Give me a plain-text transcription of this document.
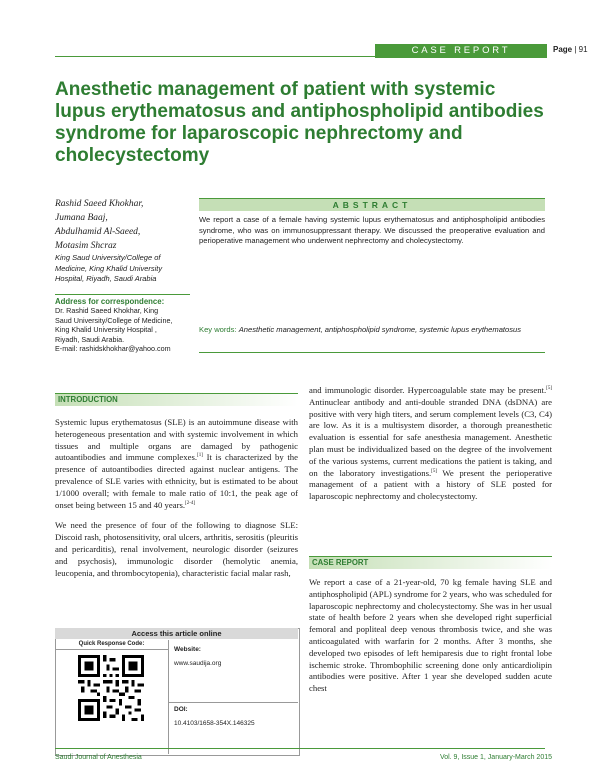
CASE REPORT	Page | 91
Anesthetic management of patient with systemic lupus erythematosus and antiphospholipid antibodies syndrome for laparoscopic nephrectomy and cholecystectomy
Rashid Saeed Khokhar,
Jumana Baaj,
Abdulhamid Al-Saeed,
Motasim Shcraz
King Saud University/College of Medicine, King Khalid University Hospital, Riyadh, Saudi Arabia
Address for correspondence:
Dr. Rashid Saeed Khokhar, King
Saud University/College of Medicine,
King Khalid University Hospital ,
Riyadh, Saudi Arabia.
E-mail: rashidskhokhar@yahoo.com
ABSTRACT
We report a case of a female having systemic lupus erythematosus and antiphospholipid antibodies syndrome, who was on immunosuppressant therapy. We discussed the preoperative evaluation and perioperative management who underwent nephrectomy and cholecystectomy.
Key words: Anesthetic management, antiphospholipid syndrome, systemic lupus erythematosus
INTRODUCTION

Systemic lupus erythematosus (SLE) is an autoimmune disease with heterogeneous presentation and with systemic involvement in which tissues and multiple organs are damaged by pathogenic autoantibodies and immune complexes.[1] It is characterized by the presence of autoantibodies directed against nuclear antigens. The prevalence of SLE varies with ethnicity, but is estimated to be about 1/1000 overall; with female to male ratio of 10:1, the peak age of onset being between 15 and 40 years.[2-4]

We need the presence of four of the following to diagnose SLE: Discoid rash, photosensitivity, oral ulcers, arthritis, serositis (pleuritis and pericarditis), renal involvement, neurologic disorder (seizures and psychosis), immunologic disorder (hemolytic anemia, leucopenia, and thrombocytopenia), characteristic facial malar rash,

and immunologic disorder. Hypercoagulable state may be present.[5] Antinuclear antibody and anti-double stranded DNA (dsDNA) are positive with very high titers, and serum complement levels (C3, C4) are low. As it is a multisystem disorder, a thorough preanesthetic evaluation is essential for safe anesthesia management. Anesthetic plan must be individualized based on the degree of the involvement of the various systems, current medications the patient is taking, and on the laboratory investigations.[5] We present the perioperative management of a patient with a history of SLE posted for laparoscopic nephrectomy and cholecystectomy.

CASE REPORT

We report a case of a 21-year-old, 70 kg female having SLE and antiphospholipid (APL) syndrome for 2 years, who was scheduled for laparoscopic nephrectomy and cholecystectomy. She was in her usual state of health before 2 years when she developed right superficial femoral and popliteal deep venous thrombosis twice, and she was anticoagulated with warfarin for 2 months. After 3 months, she developed two episodes of left hemiparesis due to right frontal lobe ischemic stroke. Thrombophilic screening done only anticardiolipin antibodies were positive. After 1 year she developed sudden acute chest

Access this article online
Quick Response Code:
Website:
www.saudija.org
DOI:
10.4103/1658-354X.146325
Saudi Journal of Anesthesia	Vol. 9, Issue 1, January-March 2015
